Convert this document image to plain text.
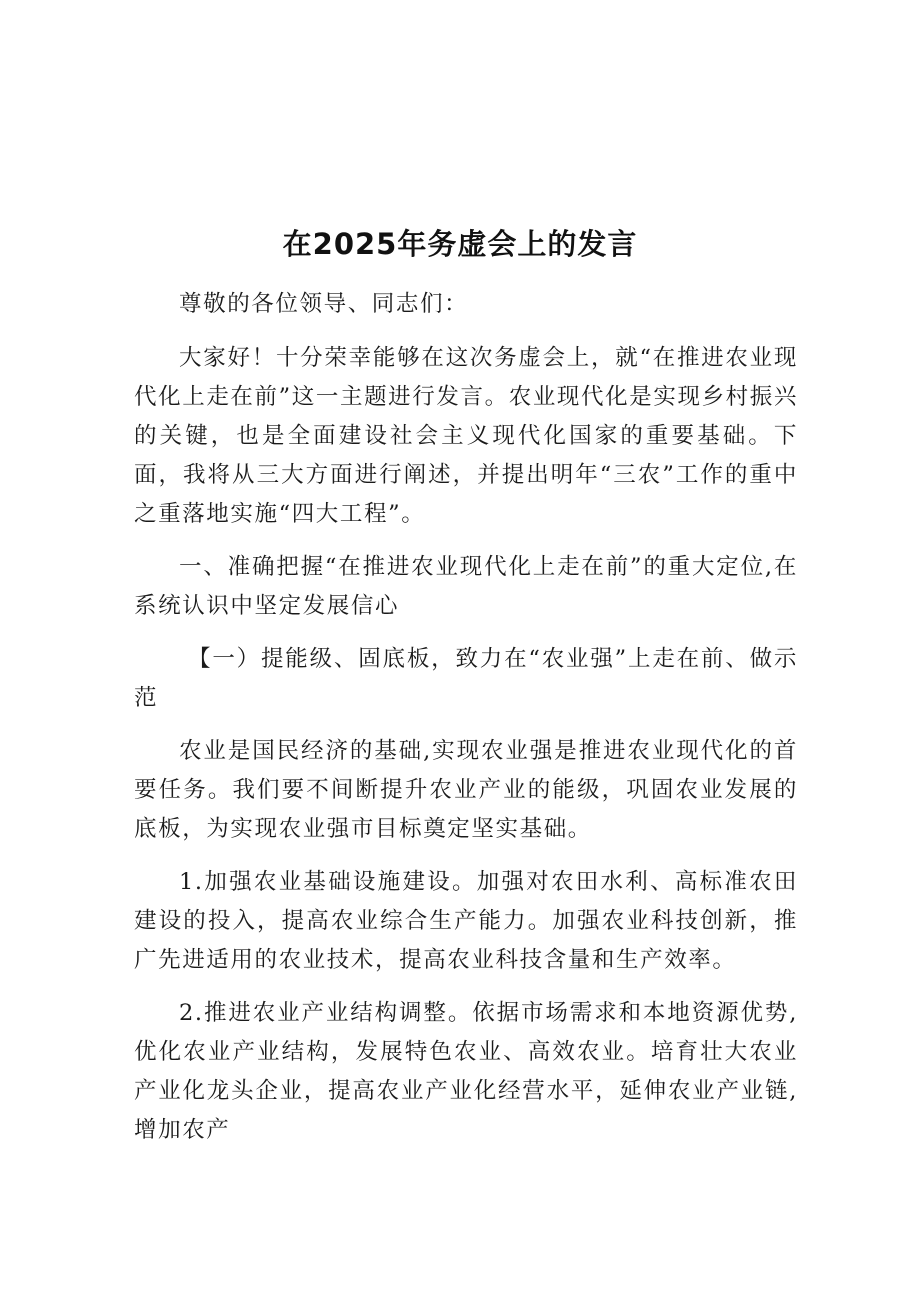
在2025年务虚会上的发言

尊敬的各位领导、同志们：

大家好！十分荣幸能够在这次务虚会上，就“在推进农业现代化上走在前”这一主题进行发言。农业现代化是实现乡村振兴的关键，也是全面建设社会主义现代化国家的重要基础。下面，我将从三大方面进行阐述，并提出明年“三农”工作的重中之重落地实施“四大工程”。

一、准确把握“在推进农业现代化上走在前”的重大定位,在系统认识中坚定发展信心

【一）提能级、固底板，致力在“农业强”上走在前、做示范

农业是国民经济的基础,实现农业强是推进农业现代化的首要任务。我们要不间断提升农业产业的能级，巩固农业发展的底板，为实现农业强市目标奠定坚实基础。

1.加强农业基础设施建设。加强对农田水利、高标准农田建设的投入，提高农业综合生产能力。加强农业科技创新，推广先进适用的农业技术，提高农业科技含量和生产效率。

2.推进农业产业结构调整。依据市场需求和本地资源优势,优化农业产业结构，发展特色农业、高效农业。培育壮大农业产业化龙头企业，提高农业产业化经营水平，延伸农业产业链,增加农产
